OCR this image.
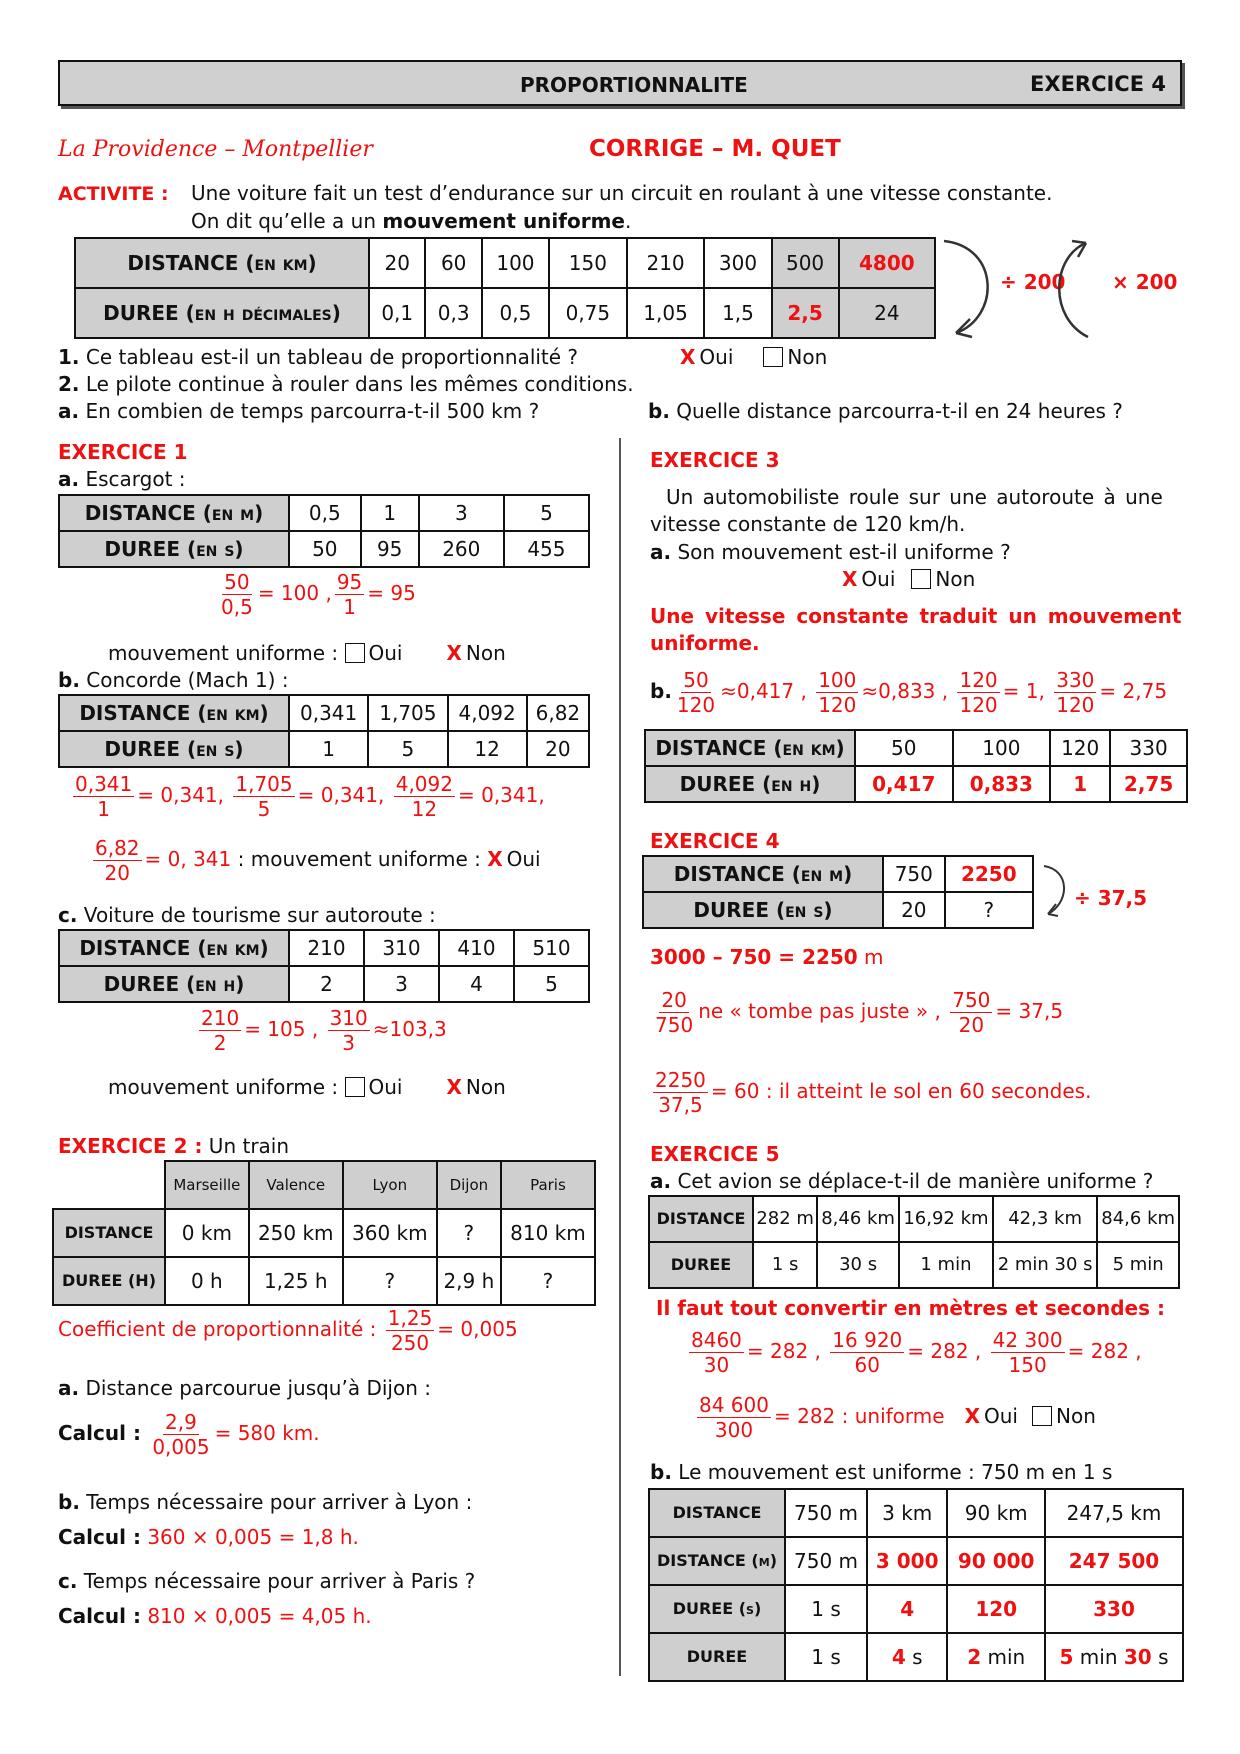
PROPORTIONNALITE	EXERCICE 4
La Providence – Montpellier	CORRIGE – M. QUET
ACTIVITE : Une voiture fait un test d’endurance sur un circuit en roulant à une vitesse constante.
On dit qu’elle a un mouvement uniforme.
DISTANCE (en km)	20	60	100	150	210	300	500	4800
DUREE (en h décimales)	0,1	0,3	0,5	0,75	1,05	1,5	2,5	24
÷ 200 × 200
1. Ce tableau est-il un tableau de proportionnalité ?	X Oui	Non
2. Le pilote continue à rouler dans les mêmes conditions.
a. En combien de temps parcourra-t-il 500 km ?	b. Quelle distance parcourra-t-il en 24 heures ?
EXERCICE 1
a. Escargot :
DISTANCE (en m)	0,5	1	3	5
DUREE (en s)	50	95	260	455
$\frac{50}{0,5} = 100$ , $\frac{95}{1} = 95$
mouvement uniforme : Oui X Non
b. Concorde (Mach 1) :
DISTANCE (en km)	0,341	1,705	4,092	6,82
DUREE (en s)	1	5	12	20
$\frac{0,341}{1} = 0,341$, $\frac{1,705}{5} = 0,341$, $\frac{4,092}{12} = 0,341$,
$\frac{6,82}{20} = 0$, 341 : mouvement uniforme : X Oui
c. Voiture de tourisme sur autoroute :
DISTANCE (en km)	210	310	410	510
DUREE (en h)	2	3	4	5
$\frac{210}{2} = 105$ , $\frac{310}{3} \approx 103,3$
mouvement uniforme : Oui X Non
EXERCICE 2 : Un train
	Marseille	Valence	Lyon	Dijon	Paris
DISTANCE	0 km	250 km	360 km	?	810 km
DUREE (H)	0 h	1,25 h	?	2,9 h	?
Coefficient de proportionnalité : $\frac{1,25}{250} = 0,005$
a. Distance parcourue jusqu’à Dijon :
Calcul : $\frac{2,9}{0,005} = 580$ km.
b. Temps nécessaire pour arriver à Lyon :
Calcul : 360 × 0,005 = 1,8 h.
c. Temps nécessaire pour arriver à Paris ?
Calcul : 810 × 0,005 = 4,05 h.
EXERCICE 3
Un automobiliste roule sur une autoroute à une
vitesse constante de 120 km/h.
a. Son mouvement est-il uniforme ?
X Oui Non
Une vitesse constante traduit un mouvement
uniforme.
b. $\frac{50}{120} \approx 0,417$ , $\frac{100}{120} \approx 0,833$ , $\frac{120}{120} = 1$, $\frac{330}{120} = 2,75$
DISTANCE (en km)	50	100	120	330
DUREE (en h)	0,417	0,833	1	2,75
EXERCICE 4
DISTANCE (en m)	750	2250
DUREE (en s)	20	?	÷ 37,5
3000 – 750 = 2250 m
$\frac{20}{750}$ ne « tombe pas juste » , $\frac{750}{20} = 37,5$
$\frac{2250}{37,5} = 60$ : il atteint le sol en 60 secondes.
EXERCICE 5
a. Cet avion se déplace-t-il de manière uniforme ?
DISTANCE	282 m	8,46 km	16,92 km	42,3 km	84,6 km
DUREE	1 s	30 s	1 min	2 min 30 s	5 min
Il faut tout convertir en mètres et secondes :
$\frac{8460}{30} = 282$ , $\frac{16 920}{60} = 282$ , $\frac{42 300}{150} = 282$ ,
$\frac{84 600}{300} = 282$ : uniforme X Oui Non
b. Le mouvement est uniforme : 750 m en 1 s
DISTANCE	750 m	3 km	90 km	247,5 km
DISTANCE (m)	750 m	3 000	90 000	247 500
DUREE (s)	1 s	4	120	330
DUREE	1 s	4 s	2 min	5 min 30 s
